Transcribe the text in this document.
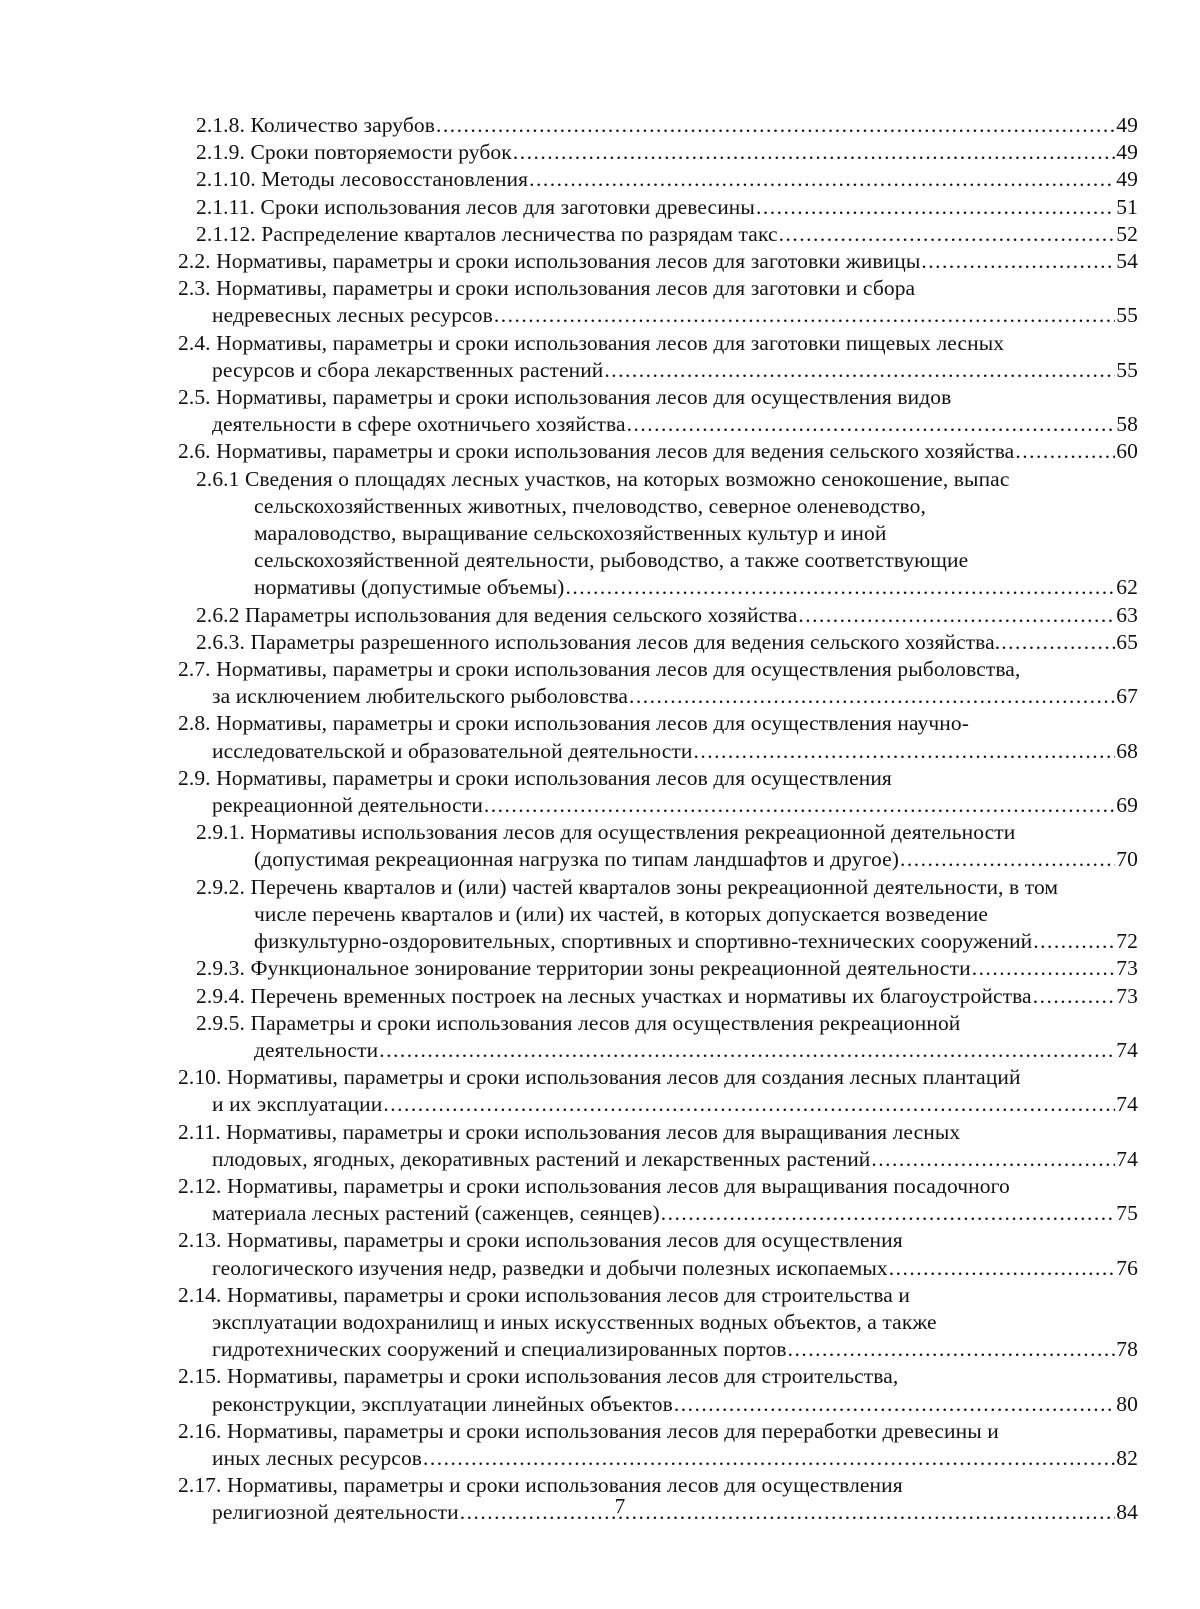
2.1.8. Количество зарубов .....	49
2.1.9. Сроки повторяемости рубок .....	49
2.1.10. Методы лесовосстановления .....	49
2.1.11. Сроки использования лесов для заготовки древесины .....	51
2.1.12. Распределение кварталов лесничества по разрядам такс .....	52
2.2. Нормативы, параметры и сроки использования лесов для заготовки живицы .....	54
2.3. Нормативы, параметры и сроки использования лесов для заготовки и сбора
недревесных лесных ресурсов .....	55
2.4. Нормативы, параметры и сроки использования лесов для заготовки пищевых лесных
ресурсов и сбора лекарственных растений .....	55
2.5. Нормативы, параметры и сроки использования лесов для осуществления видов
деятельности в сфере охотничьего хозяйства .....	58
2.6. Нормативы, параметры и сроки использования лесов для ведения сельского хозяйства .....	60
2.6.1 Сведения о площадях лесных участков, на которых возможно сенокошение, выпас
сельскохозяйственных животных, пчеловодство, северное оленеводство,
мараловодство, выращивание сельскохозяйственных культур и иной
сельскохозяйственной деятельности, рыбоводство, а также соответствующие
нормативы (допустимые объемы) .....	62
2.6.2 Параметры использования для ведения сельского хозяйства .....	63
2.6.3. Параметры разрешенного использования лесов для ведения сельского хозяйства. .....	65
2.7. Нормативы, параметры и сроки использования лесов для осуществления рыболовства,
за исключением любительского рыболовства .....	67
2.8. Нормативы, параметры и сроки использования лесов для осуществления научно-
исследовательской и образовательной деятельности .....	68
2.9. Нормативы, параметры и сроки использования лесов для осуществления
рекреационной деятельности .....	69
2.9.1. Нормативы использования лесов для осуществления рекреационной деятельности
(допустимая рекреационная нагрузка по типам ландшафтов и другое) .....	70
2.9.2. Перечень кварталов и (или) частей кварталов зоны рекреационной деятельности, в том
числе перечень кварталов и (или) их частей, в которых допускается возведение
физкультурно-оздоровительных, спортивных и спортивно-технических сооружений .....	72
2.9.3. Функциональное зонирование территории зоны рекреационной деятельности .....	73
2.9.4. Перечень временных построек на лесных участках и нормативы их благоустройства .....	73
2.9.5. Параметры и сроки использования лесов для осуществления рекреационной
деятельности .....	74
2.10. Нормативы, параметры и сроки использования лесов для создания лесных плантаций
и их эксплуатации .....	74
2.11. Нормативы, параметры и сроки использования лесов для выращивания лесных
плодовых, ягодных, декоративных растений и лекарственных растений .....	74
2.12. Нормативы, параметры и сроки использования лесов для выращивания посадочного
материала лесных растений (саженцев, сеянцев) .....	75
2.13. Нормативы, параметры и сроки использования лесов для осуществления
геологического изучения недр, разведки и добычи полезных ископаемых .....	76
2.14. Нормативы, параметры и сроки использования лесов для строительства и
эксплуатации водохранилищ и иных искусственных водных объектов, а также
гидротехнических сооружений и специализированных портов .....	78
2.15. Нормативы, параметры и сроки использования лесов для строительства,
реконструкции, эксплуатации линейных объектов .....	80
2.16. Нормативы, параметры и сроки использования лесов для переработки древесины и
иных лесных ресурсов .....	82
2.17. Нормативы, параметры и сроки использования лесов для осуществления
религиозной деятельности .....	84
7
